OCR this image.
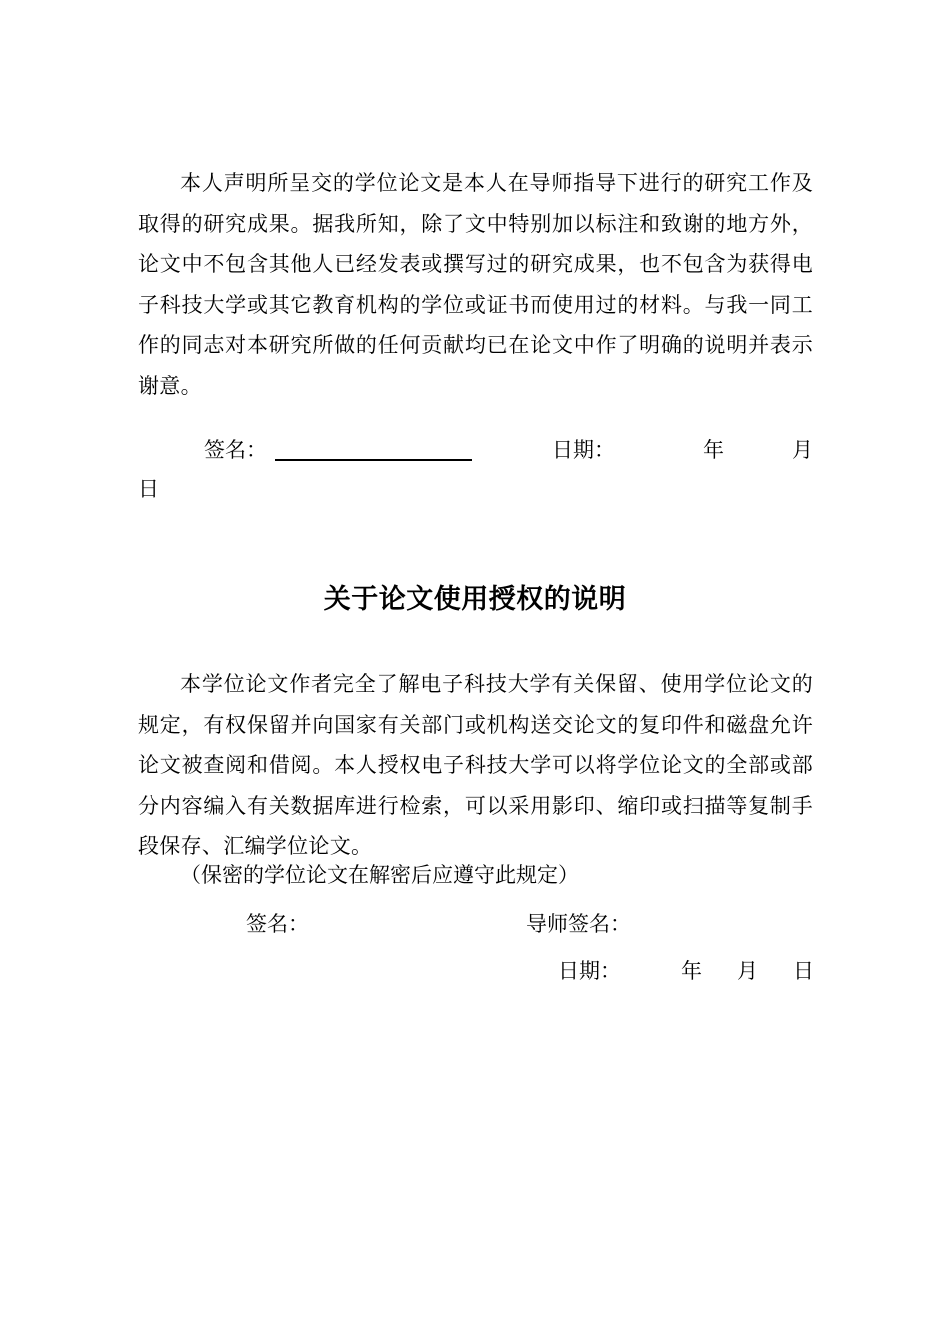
本人声明所呈交的学位论文是本人在导师指导下进行的研究工作及取得的研究成果。据我所知，除了文中特别加以标注和致谢的地方外，论文中不包含其他人已经发表或撰写过的研究成果，也不包含为获得电子科技大学或其它教育机构的学位或证书而使用过的材料。与我一同工作的同志对本研究所做的任何贡献均已在论文中作了明确的说明并表示谢意。

签名：	日期：	年	月
日
关于论文使用授权的说明

本学位论文作者完全了解电子科技大学有关保留、使用学位论文的规定，有权保留并向国家有关部门或机构送交论文的复印件和磁盘允许论文被查阅和借阅。本人授权电子科技大学可以将学位论文的全部或部分内容编入有关数据库进行检索，可以采用影印、缩印或扫描等复制手段保存、汇编学位论文。

（保密的学位论文在解密后应遵守此规定）
签名：	导师签名：
日期：	年 月 日
